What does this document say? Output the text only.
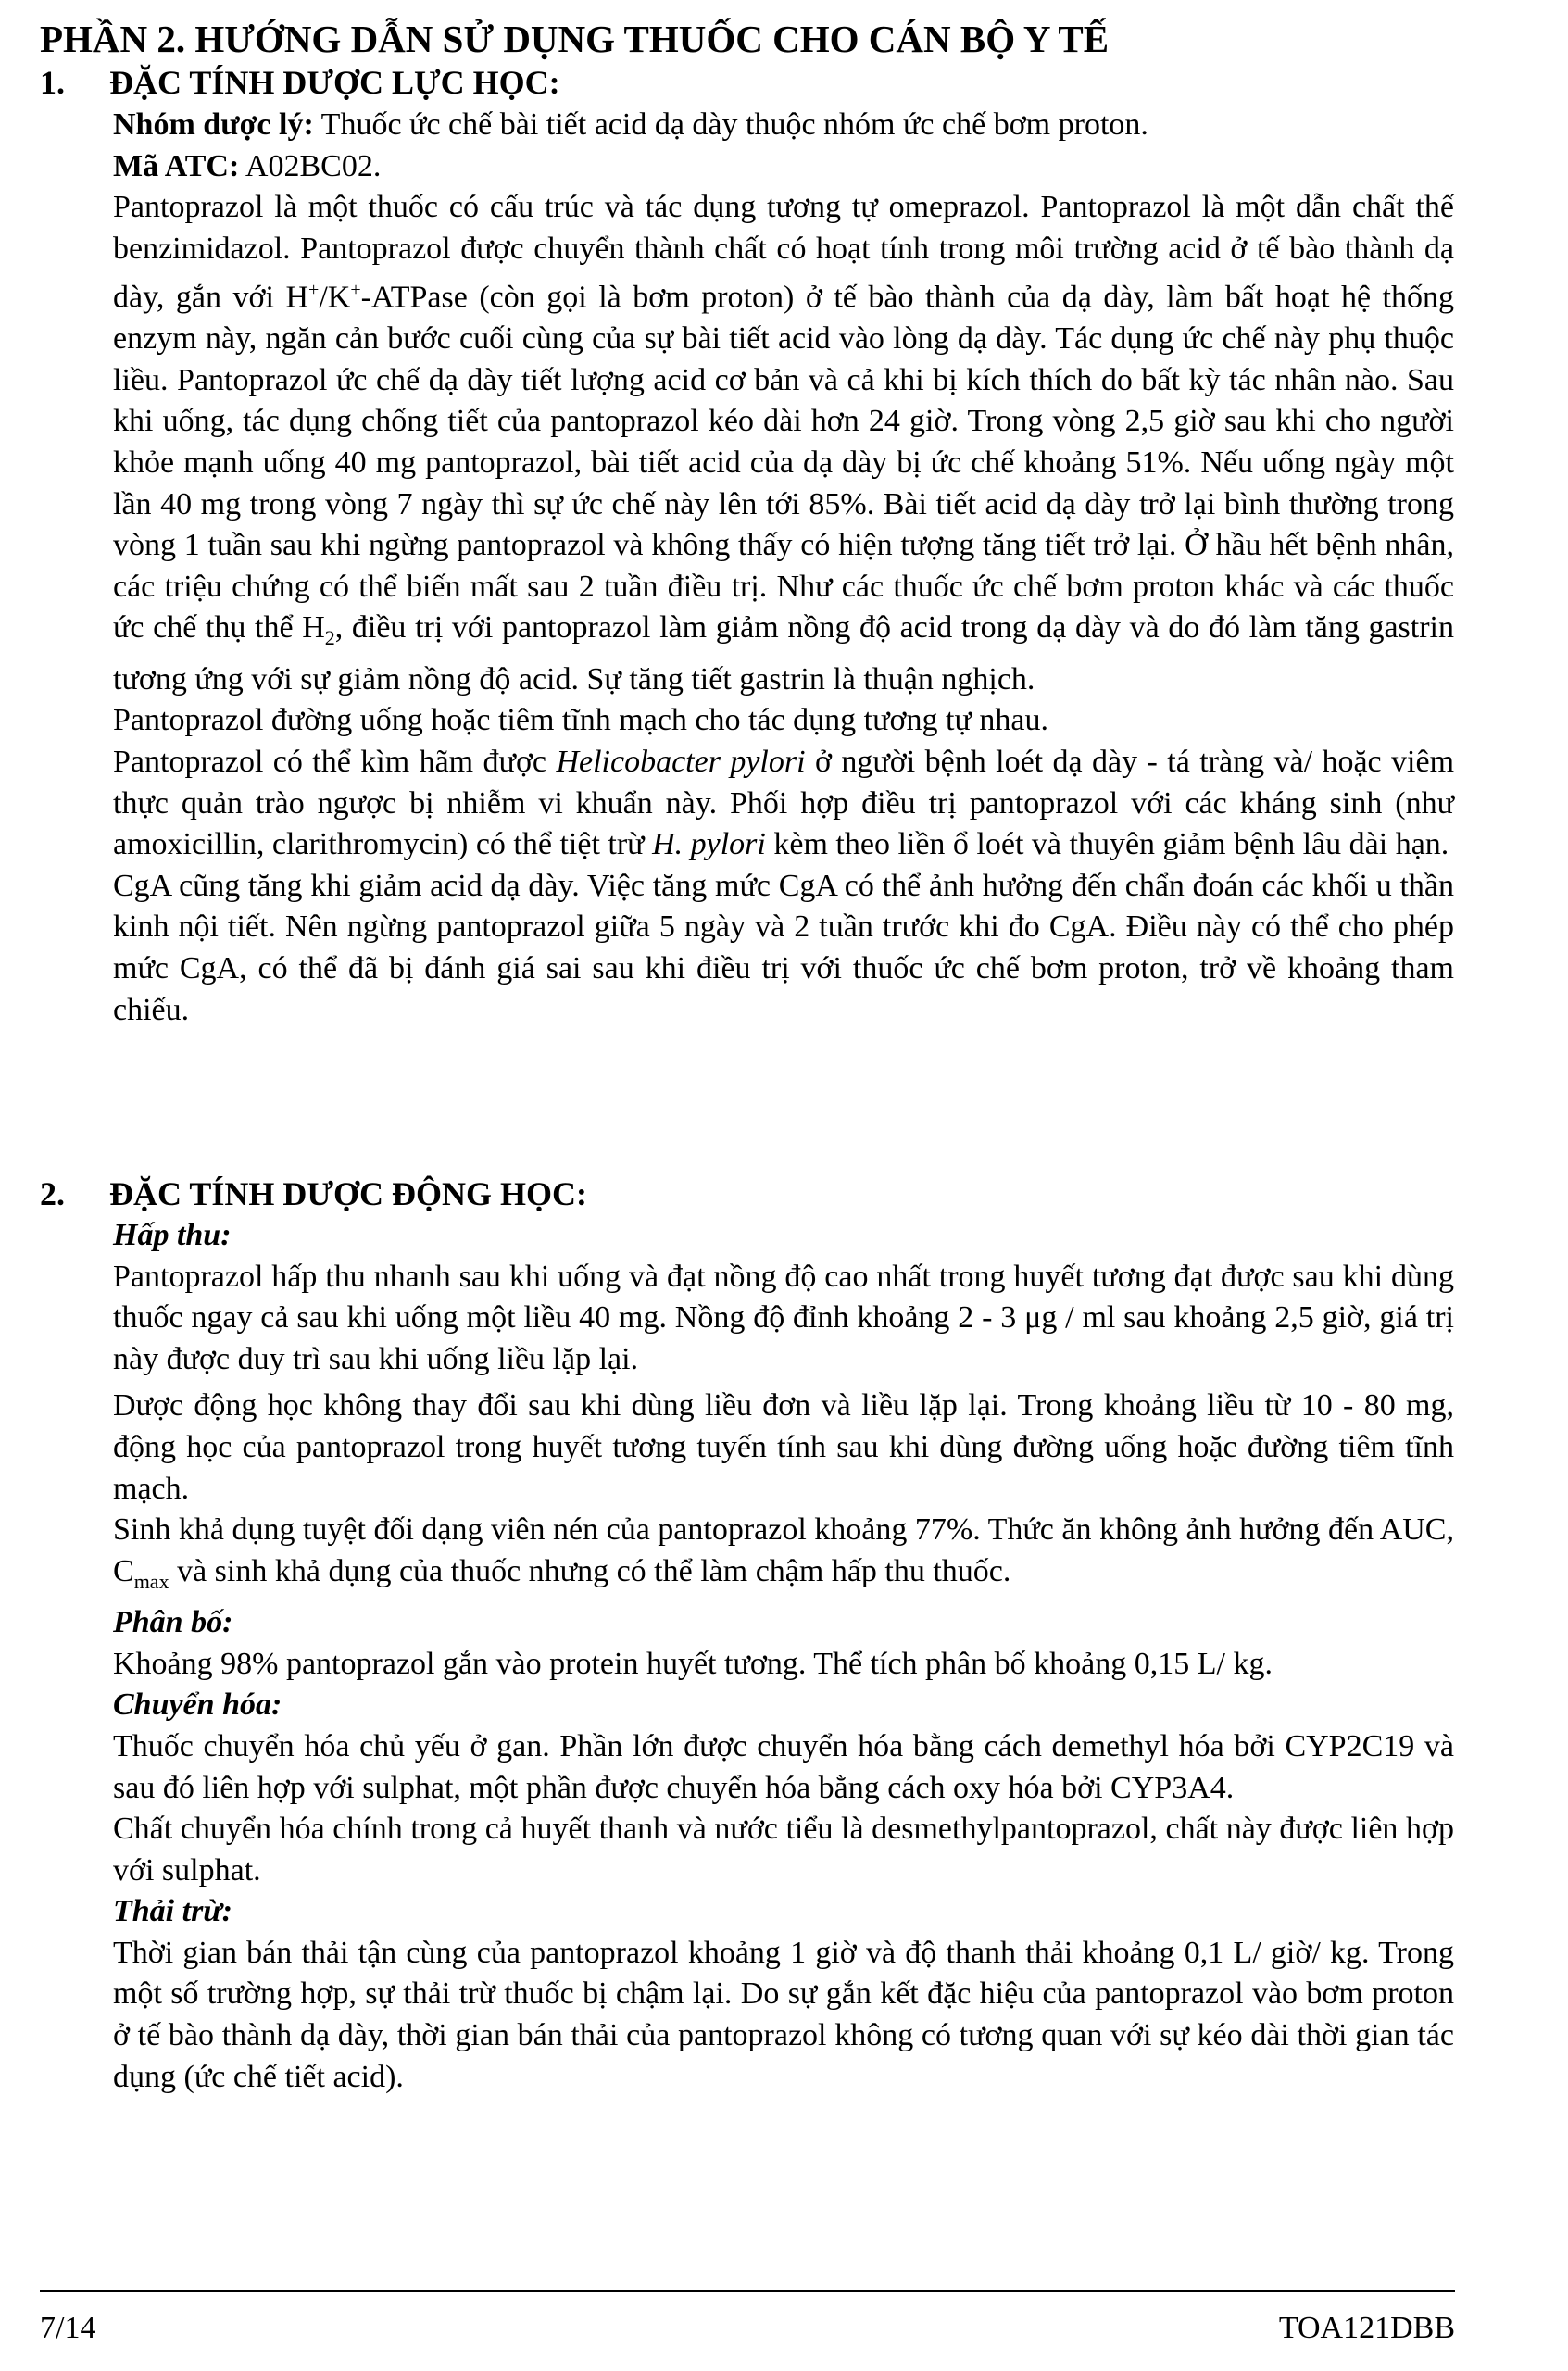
PHẦN 2. HƯỚNG DẪN SỬ DỤNG THUỐC CHO CÁN BỘ Y TẾ
1. ĐẶC TÍNH DƯỢC LỰC HỌC:

Nhóm dược lý: Thuốc ức chế bài tiết acid dạ dày thuộc nhóm ức chế bơm proton.

Mã ATC: A02BC02.

Pantoprazol là một thuốc có cấu trúc và tác dụng tương tự omeprazol. Pantoprazol là một dẫn chất thế benzimidazol. Pantoprazol được chuyển thành chất có hoạt tính trong môi trường acid ở tế bào thành dạ dày, gắn với H+/K+-ATPase (còn gọi là bơm proton) ở tế bào thành của dạ dày, làm bất hoạt hệ thống enzym này, ngăn cản bước cuối cùng của sự bài tiết acid vào lòng dạ dày. Tác dụng ức chế này phụ thuộc liều. Pantoprazol ức chế dạ dày tiết lượng acid cơ bản và cả khi bị kích thích do bất kỳ tác nhân nào. Sau khi uống, tác dụng chống tiết của pantoprazol kéo dài hơn 24 giờ. Trong vòng 2,5 giờ sau khi cho người khỏe mạnh uống 40 mg pantoprazol, bài tiết acid của dạ dày bị ức chế khoảng 51%. Nếu uống ngày một lần 40 mg trong vòng 7 ngày thì sự ức chế này lên tới 85%. Bài tiết acid dạ dày trở lại bình thường trong vòng 1 tuần sau khi ngừng pantoprazol và không thấy có hiện tượng tăng tiết trở lại. Ở hầu hết bệnh nhân, các triệu chứng có thể biến mất sau 2 tuần điều trị. Như các thuốc ức chế bơm proton khác và các thuốc ức chế thụ thể $H_2$, điều trị với pantoprazol làm giảm nồng độ acid trong dạ dày và do đó làm tăng gastrin tương ứng với sự giảm nồng độ acid. Sự tăng tiết gastrin là thuận nghịch.

Pantoprazol đường uống hoặc tiêm tĩnh mạch cho tác dụng tương tự nhau.

Pantoprazol có thể kìm hãm được Helicobacter pylori ở người bệnh loét dạ dày - tá tràng và/ hoặc viêm thực quản trào ngược bị nhiễm vi khuẩn này. Phối hợp điều trị pantoprazol với các kháng sinh (như amoxicillin, clarithromycin) có thể tiệt trừ H. pylori kèm theo liền ổ loét và thuyên giảm bệnh lâu dài hạn.

CgA cũng tăng khi giảm acid dạ dày. Việc tăng mức CgA có thể ảnh hưởng đến chẩn đoán các khối u thần kinh nội tiết. Nên ngừng pantoprazol giữa 5 ngày và 2 tuần trước khi đo CgA. Điều này có thể cho phép mức CgA, có thể đã bị đánh giá sai sau khi điều trị với thuốc ức chế bơm proton, trở về khoảng tham chiếu.

2. ĐẶC TÍNH DƯỢC ĐỘNG HỌC:

Hấp thu:

Pantoprazol hấp thu nhanh sau khi uống và đạt nồng độ cao nhất trong huyết tương đạt được sau khi dùng thuốc ngay cả sau khi uống một liều 40 mg. Nồng độ đỉnh khoảng 2 - 3 μg / ml sau khoảng 2,5 giờ, giá trị này được duy trì sau khi uống liều lặp lại.

Dược động học không thay đổi sau khi dùng liều đơn và liều lặp lại. Trong khoảng liều từ 10 - 80 mg, động học của pantoprazol trong huyết tương tuyến tính sau khi dùng đường uống hoặc đường tiêm tĩnh mạch.

Sinh khả dụng tuyệt đối dạng viên nén của pantoprazol khoảng 77%. Thức ăn không ảnh hưởng đến AUC, $C_{max}$ và sinh khả dụng của thuốc nhưng có thể làm chậm hấp thu thuốc.

Phân bố:

Khoảng 98% pantoprazol gắn vào protein huyết tương. Thể tích phân bố khoảng 0,15 L/ kg.

Chuyển hóa:

Thuốc chuyển hóa chủ yếu ở gan. Phần lớn được chuyển hóa bằng cách demethyl hóa bởi CYP2C19 và sau đó liên hợp với sulphat, một phần được chuyển hóa bằng cách oxy hóa bởi CYP3A4.

Chất chuyển hóa chính trong cả huyết thanh và nước tiểu là desmethylpantoprazol, chất này được liên hợp với sulphat.

Thải trừ:

Thời gian bán thải tận cùng của pantoprazol khoảng 1 giờ và độ thanh thải khoảng 0,1 L/ giờ/ kg. Trong một số trường hợp, sự thải trừ thuốc bị chậm lại. Do sự gắn kết đặc hiệu của pantoprazol vào bơm proton ở tế bào thành dạ dày, thời gian bán thải của pantoprazol không có tương quan với sự kéo dài thời gian tác dụng (ức chế tiết acid).

7/14	TOA121DBB
